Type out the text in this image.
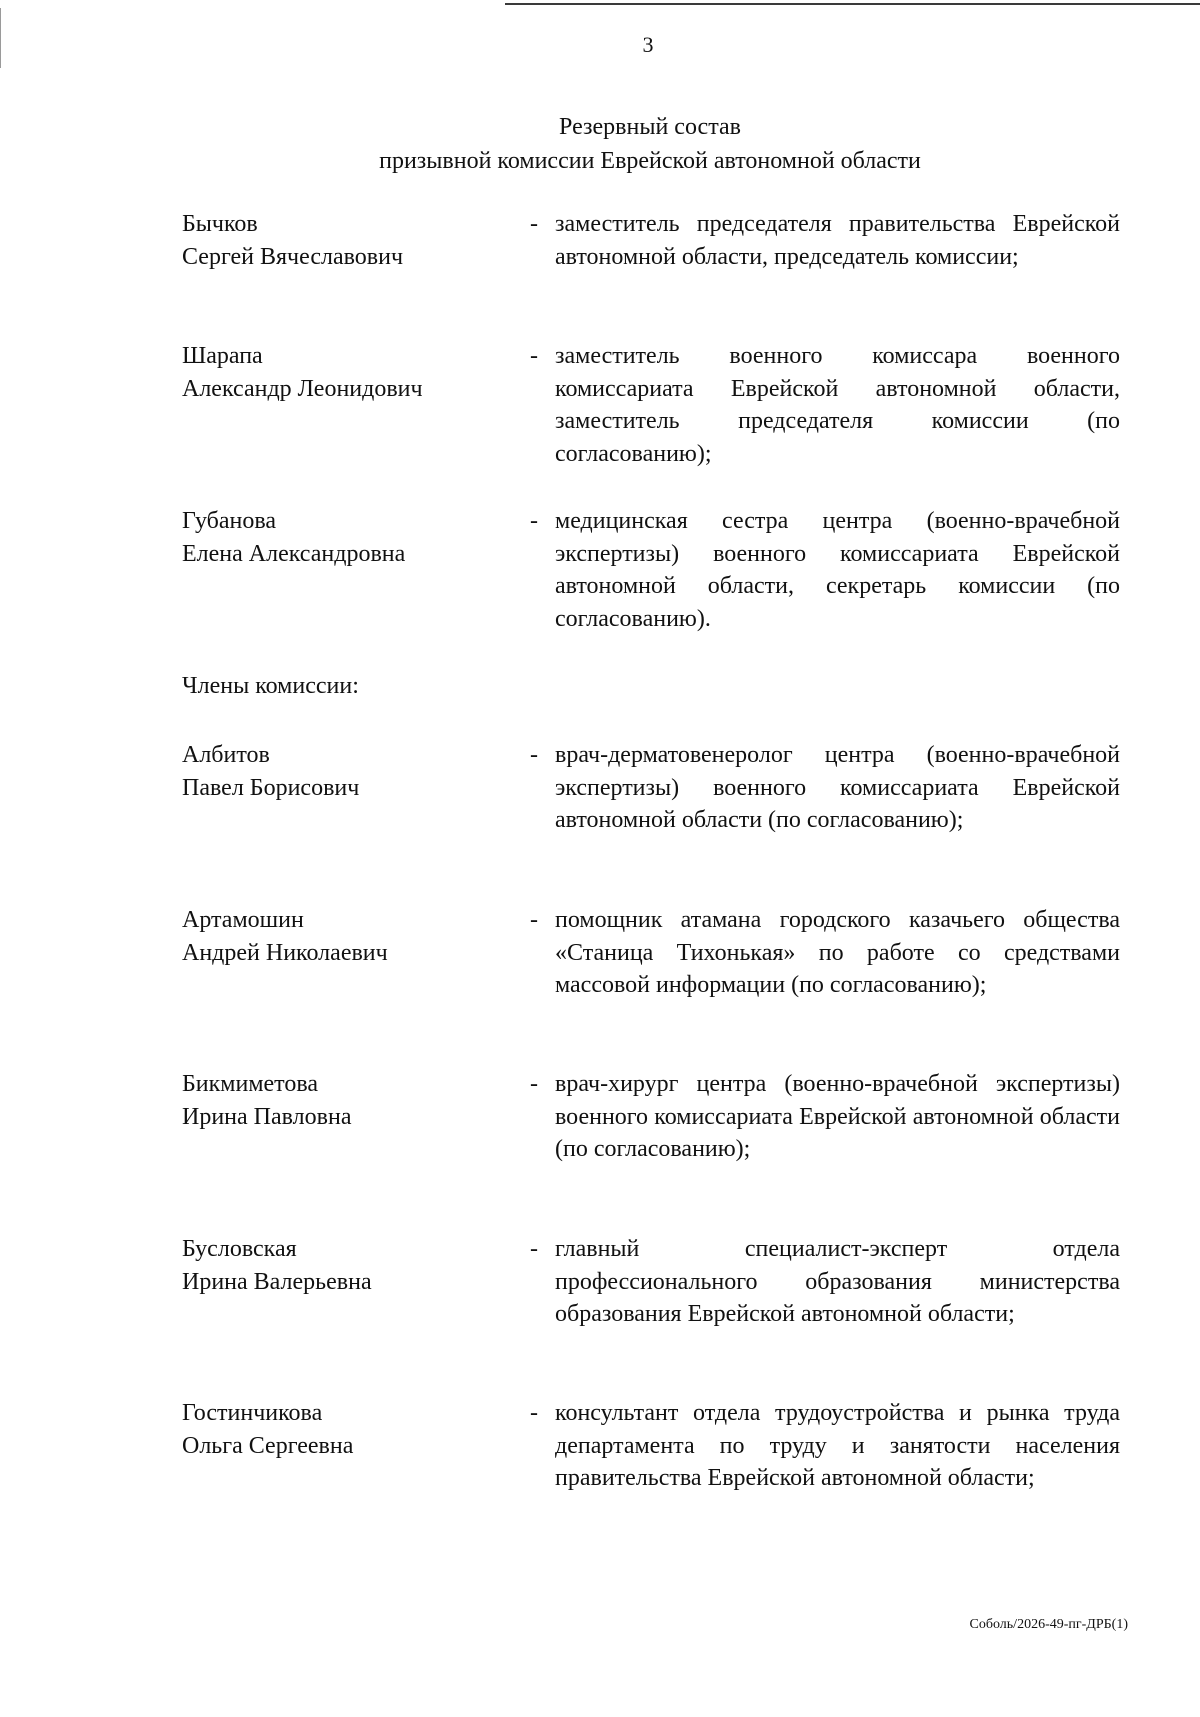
3
Резервный состав
призывной комиссии Еврейской автономной области
Бычков
Сергей Вячеславович
- заместитель председателя правительства Еврейской автономной области, председатель комиссии;
Шарапа
Александр Леонидович
- заместитель военного комиссара военного комиссариата Еврейской автономной области, заместитель председателя комиссии (по согласованию);
Губанова
Елена Александровна
- медицинская сестра центра (военно-врачебной экспертизы) военного комиссариата Еврейской автономной области, секретарь комиссии (по согласованию).
Члены комиссии:
Албитов
Павел Борисович
- врач-дерматовенеролог центра (военно-врачебной экспертизы) военного комиссариата Еврейской автономной области (по согласованию);
Артамошин
Андрей Николаевич
- помощник атамана городского казачьего общества «Станица Тихонькая» по работе со средствами массовой информации (по согласованию);
Бикмиметова
Ирина Павловна
- врач-хирург центра (военно-врачебной экспертизы) военного комиссариата Еврейской автономной области (по согласованию);
Бусловская
Ирина Валерьевна
- главный специалист-эксперт отдела профессионального образования министерства образования Еврейской автономной области;
Гостинчикова
Ольга Сергеевна
- консультант отдела трудоустройства и рынка труда департамента по труду и занятости населения правительства Еврейской автономной области;
Соболь/2026-49-пг-ДРБ(1)
